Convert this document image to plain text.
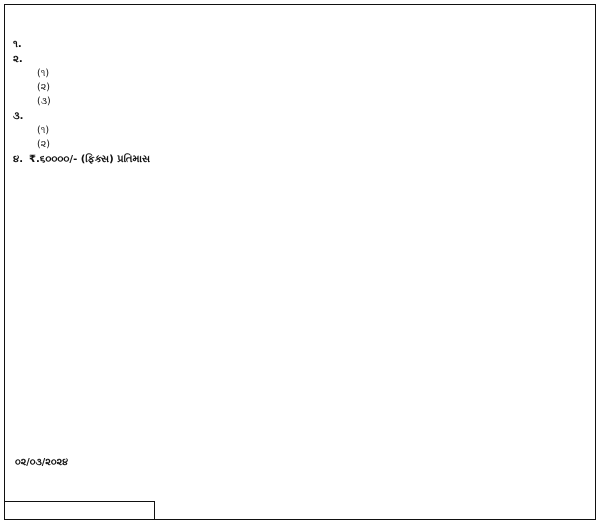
૧.
૨.
(૧)
(૨)
(૩)
૩.
(૧)
(૨)
૪. ₹.૬૦૦૦૦/- (ફિક્સ) પ્રતિમાસ
૦૨/૦૩/૨૦૨૪
